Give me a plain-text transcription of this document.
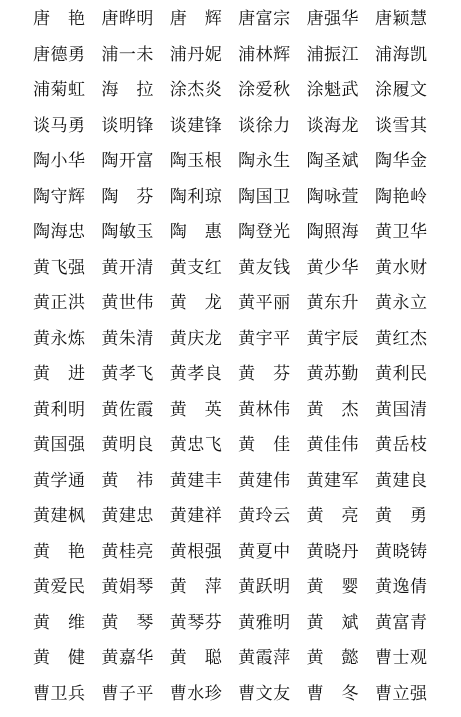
唐　艳 唐晔明 唐　辉 唐富宗 唐强华 唐颖慧
唐德勇 浦一未 浦丹妮 浦林辉 浦振江 浦海凯
浦菊虹 海　拉 涂杰炎 涂爱秋 涂魁武 涂履文
谈马勇 谈明锋 谈建锋 谈徐力 谈海龙 谈雪其
陶小华 陶开富 陶玉根 陶永生 陶圣斌 陶华金
陶守辉 陶　芬 陶利琼 陶国卫 陶咏萱 陶艳岭
陶海忠 陶敏玉 陶　惠 陶登光 陶照海 黄卫华
黄飞强 黄开清 黄支红 黄友钱 黄少华 黄水财
黄正洪 黄世伟 黄　龙 黄平丽 黄东升 黄永立
黄永炼 黄朱清 黄庆龙 黄宇平 黄宇辰 黄红杰
黄　进 黄孝飞 黄孝良 黄　芬 黄苏勤 黄利民
黄利明 黄佐霞 黄　英 黄林伟 黄　杰 黄国清
黄国强 黄明良 黄忠飞 黄　佳 黄佳伟 黄岳枝
黄学通 黄　祎 黄建丰 黄建伟 黄建军 黄建良
黄建枫 黄建忠 黄建祥 黄玲云 黄　亮 黄　勇
黄　艳 黄桂亮 黄根强 黄夏中 黄晓丹 黄晓铸
黄爱民 黄娟琴 黄　萍 黄跃明 黄　婴 黄逸倩
黄　维 黄　琴 黄琴芬 黄雅明 黄　斌 黄富青
黄　健 黄嘉华 黄　聪 黄霞萍 黄　懿 曹士观
曹卫兵 曹子平 曹水珍 曹文友 曹　冬 曹立强
